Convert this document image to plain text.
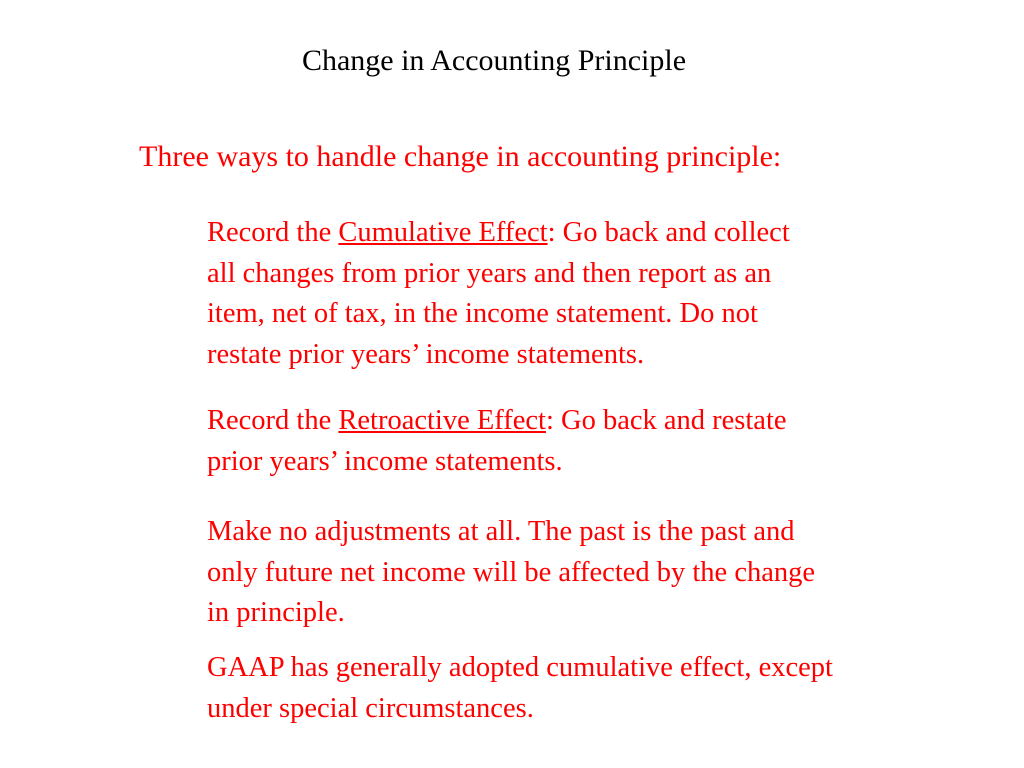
Change in Accounting Principle
Three ways to handle change in accounting principle:
Record the Cumulative Effect: Go back and collect
all changes from prior years and then report as an
item, net of tax, in the income statement. Do not
restate prior years’ income statements.
Record the Retroactive Effect: Go back and restate
prior years’ income statements.
Make no adjustments at all. The past is the past and
only future net income will be affected by the change
in principle.
GAAP has generally adopted cumulative effect, except
under special circumstances.
